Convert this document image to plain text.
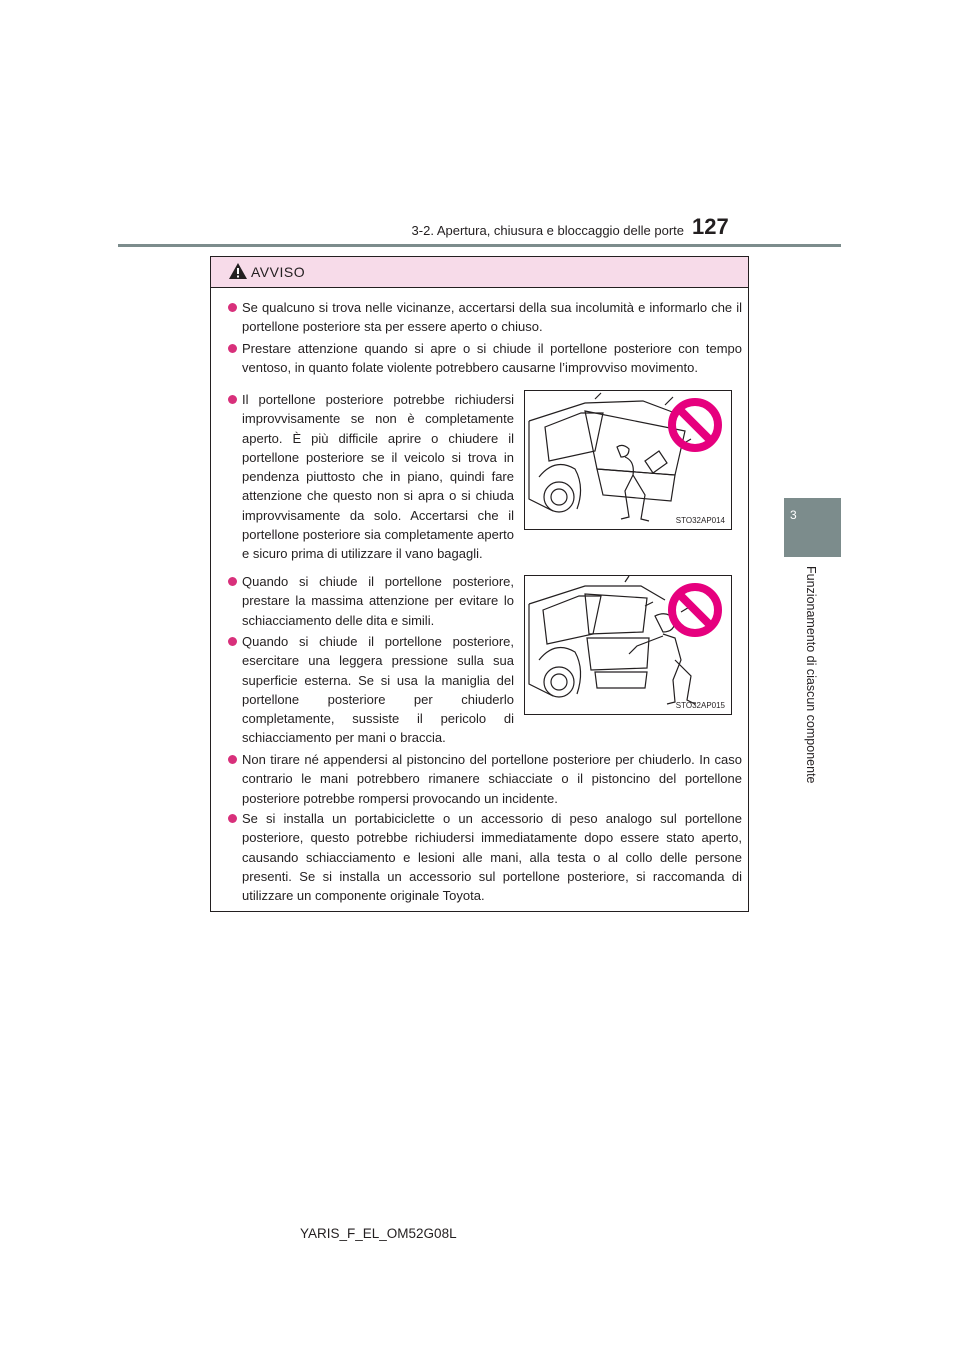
3-2. Apertura, chiusura e bloccaggio delle porte 127
3
Funzionamento di ciascun componente
AVVISO
Se qualcuno si trova nelle vicinanze, accertarsi della sua incolumità e informarlo che il portellone posteriore sta per essere aperto o chiuso.
Prestare attenzione quando si apre o si chiude il portellone posteriore con tempo ventoso, in quanto folate violente potrebbero causarne l’improvviso movimento.
Il portellone posteriore potrebbe richiudersi improvvisamente se non è completamente aperto. È più difficile aprire o chiudere il portellone posteriore se il veicolo si trova in pendenza piuttosto che in piano, quindi fare attenzione che questo non si apra o si chiuda improvvisamente da solo. Accertarsi che il portellone posteriore sia completamente aperto e sicuro prima di utilizzare il vano bagagli.
Quando si chiude il portellone posteriore, prestare la massima attenzione per evitare lo schiacciamento delle dita e simili.
Quando si chiude il portellone posteriore, esercitare una leggera pressione sulla sua superficie esterna. Se si usa la maniglia del portellone posteriore per chiuderlo completamente, sussiste il pericolo di schiacciamento per mani o braccia.
Non tirare né appendersi al pistoncino del portellone posteriore per chiuderlo. In caso contrario le mani potrebbero rimanere schiacciate o il pistoncino del portellone posteriore potrebbe rompersi provocando un incidente.
Se si installa un portabiciclette o un accessorio di peso analogo sul portellone posteriore, questo potrebbe richiudersi immediatamente dopo essere stato aperto, causando schiacciamento e lesioni alle mani, alla testa o al collo delle persone presenti. Se si installa un accessorio sul portellone posteriore, si raccomanda di utilizzare un componente originale Toyota.
STO32AP014
STO32AP015
YARIS_F_EL_OM52G08L
